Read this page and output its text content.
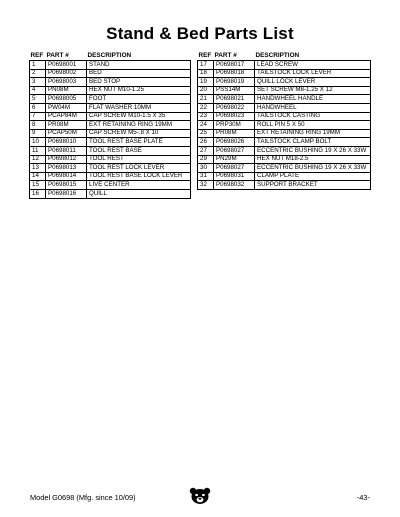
Stand & Bed Parts List
REF	PART #	DESCRIPTION
1	P0698001	STAND
2	P0698002	BED
3	P0698003	BED STOP
4	PN08M	HEX NUT M10-1.25
5	P0698005	FOOT
6	PW04M	FLAT WASHER 10MM
7	PCAP84M	CAP SCREW M10-1.5 X 35
8	PR08M	EXT RETAINING RING 19MM
9	PCAP50M	CAP SCREW M5-.8 X 10
10	P0698010	TOOL REST BASE PLATE
11	P0698011	TOOL REST BASE
12	P0698012	TOOL REST
13	P0698013	TOOL REST LOCK LEVER
14	P0698014	TOOL REST BASE LOCK LEVER
15	P0698015	LIVE CENTER
16	P0698016	QUILL
REF	PART #	DESCRIPTION
17	P0698017	LEAD SCREW
18	P0698018	TAILSTOCK LOCK LEVER
19	P0698019	QUILL LOCK LEVER
20	PSS14M	SET SCREW M8-1.25 X 12
21	P0698021	HANDWHEEL HANDLE
22	P0698022	HANDWHEEL
23	P0698023	TAILSTOCK CASTING
24	PRP30M	ROLL PIN 5 X 50
25	PR08M	EXT RETAINING RING 19MM
26	P0698026	TAILSTOCK CLAMP BOLT
27	P0698027	ECCENTRIC BUSHING 19 X 26 X 33W
29	PN29M	HEX NUT M18-2.5
30	P0698027	ECCENTRIC BUSHING 19 X 26 X 33W
31	P0698031	CLAMP PLATE
32	P0698032	SUPPORT BRACKET
Model G0698 (Mfg. since 10/09)	-43-
